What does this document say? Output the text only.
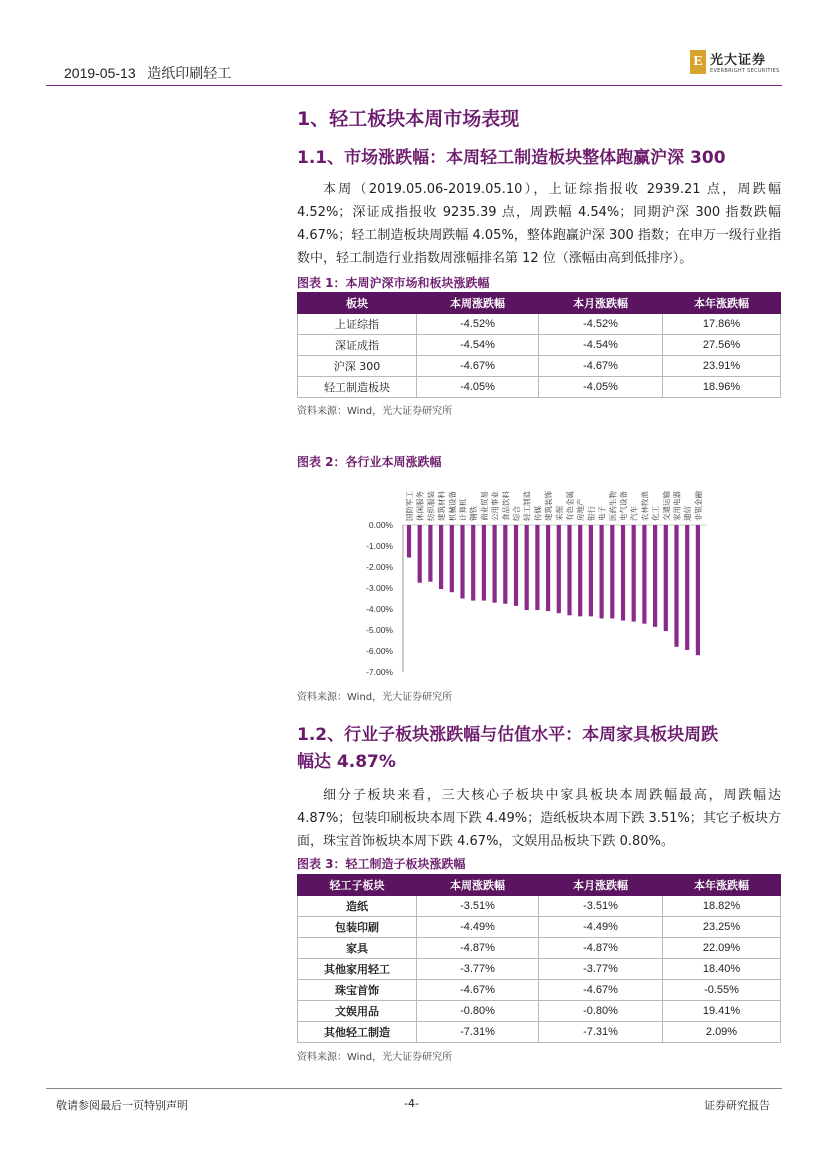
2019-05-13 造纸印刷轻工
E 光大证券
EVERBRIGHT SECURITIES
1、轻工板块本周市场表现
1.1、市场涨跌幅：本周轻工制造板块整体跑赢沪深 300
本周（2019.05.06-2019.05.10），上证综指报收 2939.21 点，周跌幅 4.52%；深证成指报收 9235.39 点，周跌幅 4.54%；同期沪深 300 指数跌幅 4.67%；轻工制造板块周跌幅 4.05%，整体跑赢沪深 300 指数；在申万一级行业指数中，轻工制造行业指数周涨幅排名第 12 位（涨幅由高到低排序）。
图表 1：本周沪深市场和板块涨跌幅
板块	本周涨跌幅	本月涨跌幅	本年涨跌幅
上证综指	-4.52%	-4.52%	17.86%
深证成指	-4.54%	-4.54%	27.56%
沪深 300	-4.67%	-4.67%	23.91%
轻工制造板块	-4.05%	-4.05%	18.96%
资料来源：Wind，光大证券研究所
图表 2：各行业本周涨跌幅
0.00%
-1.00%
-2.00%
-3.00%
-4.00%
-5.00%
-6.00%
-7.00%
国防军工 休闲服务 纺织服装 建筑材料 机械设备 计算机 钢铁 商业贸易 公用事业 食品饮料 综合 轻工制造 传媒 建筑装饰 采掘 有色金属 房地产 银行 电子 医药生物 电气设备 汽车 农林牧渔 化工 交通运输 家用电器 通信 非银金融
资料来源：Wind，光大证券研究所
1.2、行业子板块涨跌幅与估值水平：本周家具板块周跌
幅达 4.87%
细分子板块来看，三大核心子板块中家具板块本周跌幅最高，周跌幅达 4.87%；包装印刷板块本周下跌 4.49%；造纸板块本周下跌 3.51%；其它子板块方面，珠宝首饰板块本周下跌 4.67%，文娱用品板块下跌 0.80%。
图表 3：轻工制造子板块涨跌幅
轻工子板块	本周涨跌幅	本月涨跌幅	本年涨跌幅
造纸	-3.51%	-3.51%	18.82%
包装印刷	-4.49%	-4.49%	23.25%
家具	-4.87%	-4.87%	22.09%
其他家用轻工	-3.77%	-3.77%	18.40%
珠宝首饰	-4.67%	-4.67%	-0.55%
文娱用品	-0.80%	-0.80%	19.41%
其他轻工制造	-7.31%	-7.31%	2.09%
资料来源：Wind，光大证券研究所
敬请参阅最后一页特别声明	-4-	证券研究报告
